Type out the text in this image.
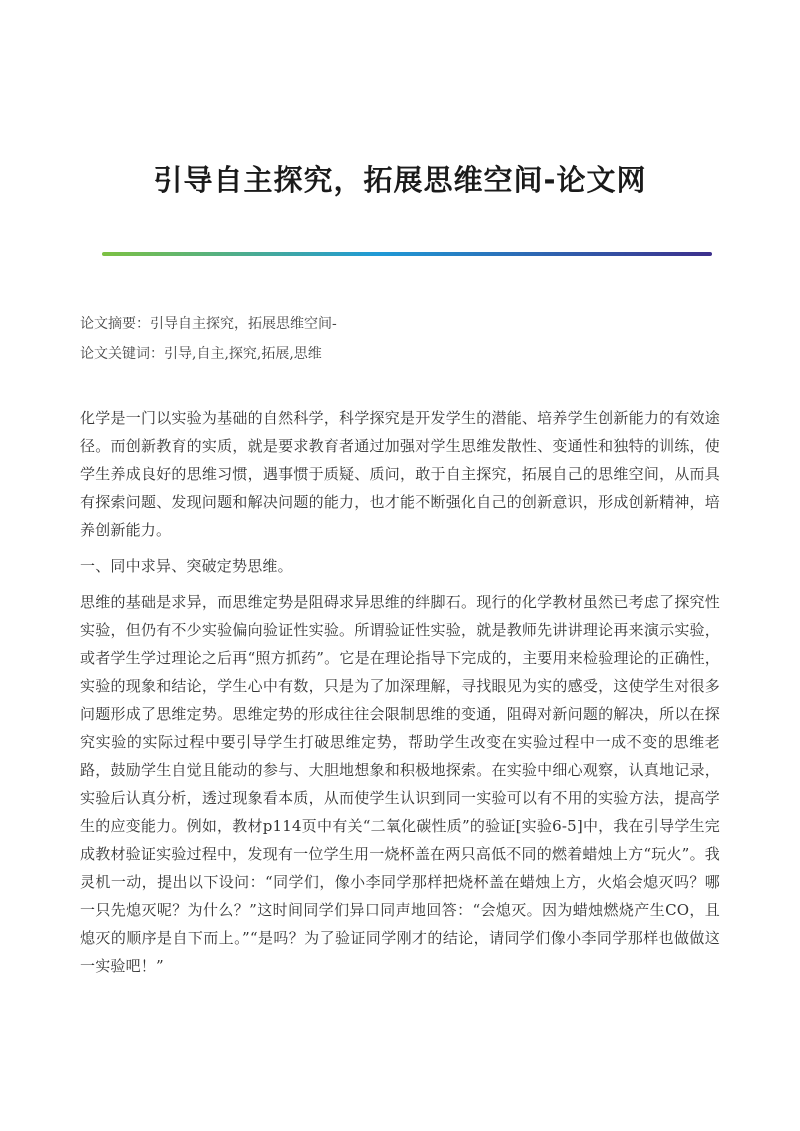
引导自主探究，拓展思维空间-论文网

论文摘要：引导自主探究，拓展思维空间-

论文关键词：引导,自主,探究,拓展,思维

化学是一门以实验为基础的自然科学，科学探究是开发学生的潜能、培养学生创新能力的有效途径。而创新教育的实质，就是要求教育者通过加强对学生思维发散性、变通性和独特的训练，使学生养成良好的思维习惯，遇事惯于质疑、质问，敢于自主探究，拓展自己的思维空间，从而具有探索问题、发现问题和解决问题的能力，也才能不断强化自己的创新意识，形成创新精神，培养创新能力。

一、同中求异、突破定势思维。

思维的基础是求异，而思维定势是阻碍求异思维的绊脚石。现行的化学教材虽然已考虑了探究性实验，但仍有不少实验偏向验证性实验。所谓验证性实验，就是教师先讲讲理论再来演示实验，或者学生学过理论之后再“照方抓药”。它是在理论指导下完成的，主要用来检验理论的正确性，实验的现象和结论，学生心中有数，只是为了加深理解，寻找眼见为实的感受，这使学生对很多问题形成了思维定势。思维定势的形成往往会限制思维的变通，阻碍对新问题的解决，所以在探究实验的实际过程中要引导学生打破思维定势，帮助学生改变在实验过程中一成不变的思维老路，鼓励学生自觉且能动的参与、大胆地想象和积极地探索。在实验中细心观察，认真地记录，实验后认真分析，透过现象看本质，从而使学生认识到同一实验可以有不用的实验方法，提高学生的应变能力。例如，教材p114页中有关“二氧化碳性质”的验证[实验6-5]中，我在引导学生完成教材验证实验过程中，发现有一位学生用一烧杯盖在两只高低不同的燃着蜡烛上方“玩火”。我灵机一动，提出以下设问：“同学们，像小李同学那样把烧杯盖在蜡烛上方，火焰会熄灭吗？哪一只先熄灭呢？为什么？”这时间同学们异口同声地回答：“会熄灭。因为蜡烛燃烧产生CO，且熄灭的顺序是自下而上。”“是吗？为了验证同学刚才的结论，请同学们像小李同学那样也做做这一实验吧！”
